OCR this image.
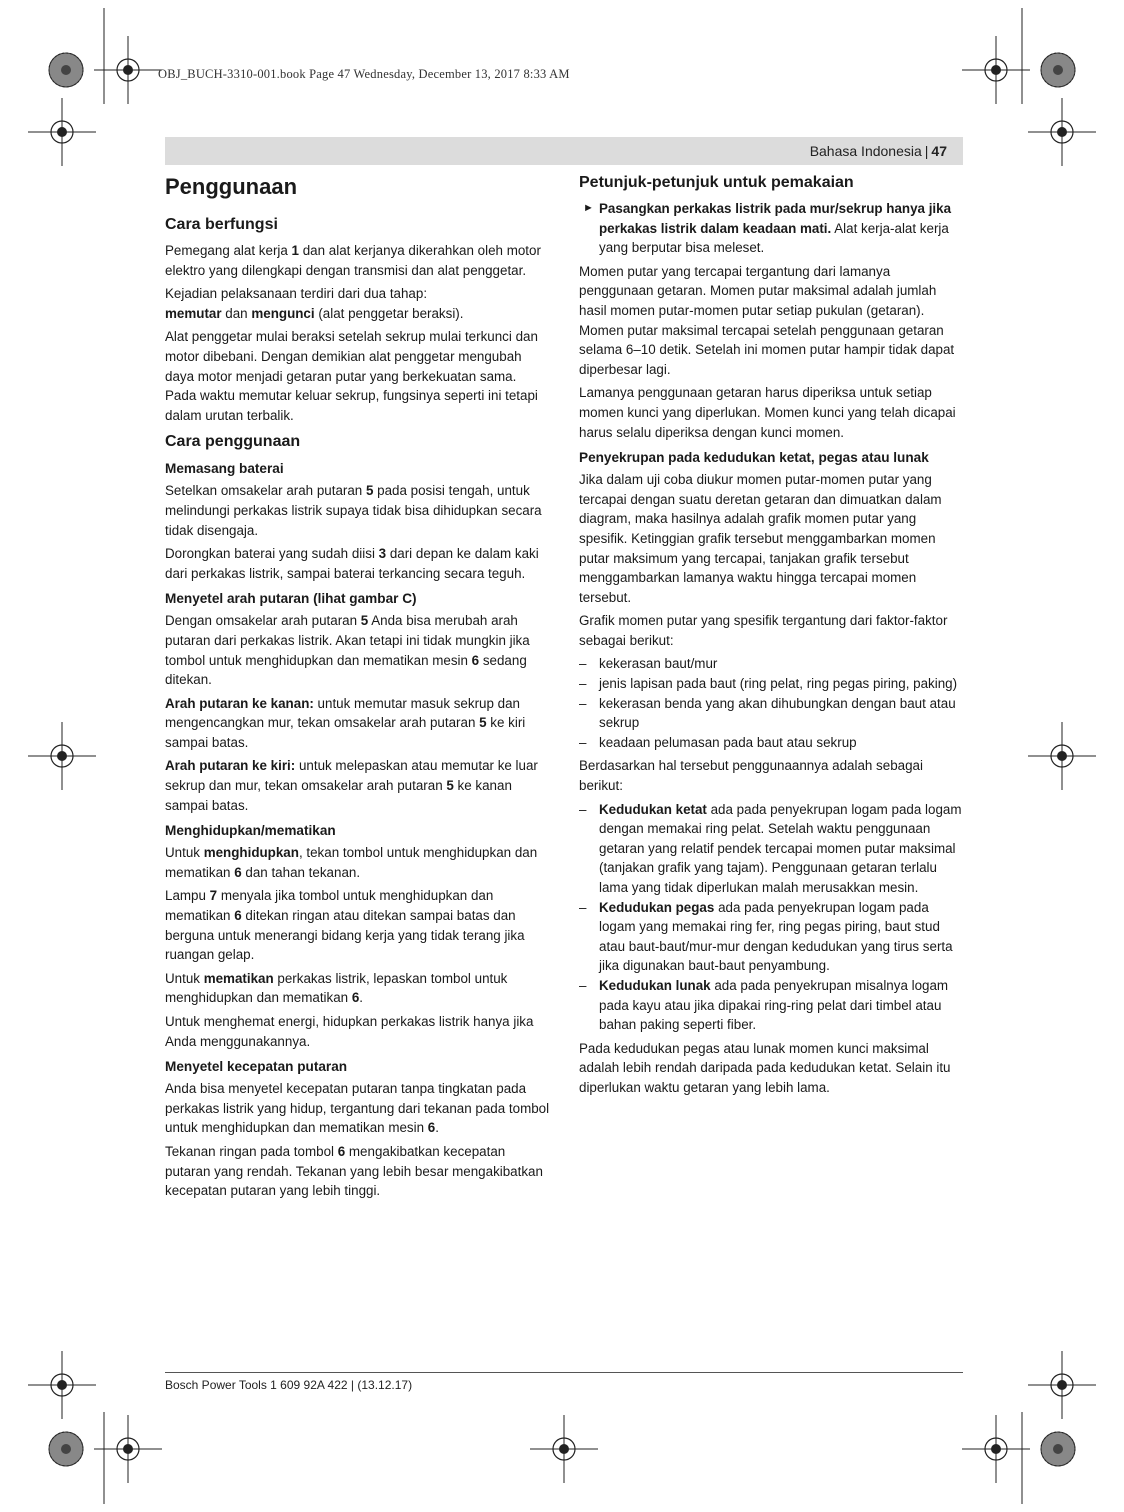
OBJ_BUCH-3310-001.book Page 47 Wednesday, December 13, 2017 8:33 AM
Bahasa Indonesia | 47
Penggunaan
Cara berfungsi

Pemegang alat kerja 1 dan alat kerjanya dikerahkan oleh motor elektro yang dilengkapi dengan transmisi dan alat penggetar.

Kejadian pelaksanaan terdiri dari dua tahap:
memutar dan mengunci (alat penggetar beraksi).

Alat penggetar mulai beraksi setelah sekrup mulai terkunci dan motor dibebani. Dengan demikian alat penggetar mengubah daya motor menjadi getaran putar yang berkekuatan sama. Pada waktu memutar keluar sekrup, fungsinya seperti ini tetapi dalam urutan terbalik.

Cara penggunaan
Memasang baterai

Setelkan omsakelar arah putaran 5 pada posisi tengah, untuk melindungi perkakas listrik supaya tidak bisa dihidupkan secara tidak disengaja.

Dorongkan baterai yang sudah diisi 3 dari depan ke dalam kaki dari perkakas listrik, sampai baterai terkancing secara teguh.

Menyetel arah putaran (lihat gambar C)

Dengan omsakelar arah putaran 5 Anda bisa merubah arah putaran dari perkakas listrik. Akan tetapi ini tidak mungkin jika tombol untuk menghidupkan dan mematikan mesin 6 sedang ditekan.

Arah putaran ke kanan: untuk memutar masuk sekrup dan mengencangkan mur, tekan omsakelar arah putaran 5 ke kiri sampai batas.

Arah putaran ke kiri: untuk melepaskan atau memutar ke luar sekrup dan mur, tekan omsakelar arah putaran 5 ke kanan sampai batas.

Menghidupkan/mematikan

Untuk menghidupkan, tekan tombol untuk menghidupkan dan mematikan 6 dan tahan tekanan.

Lampu 7 menyala jika tombol untuk menghidupkan dan mematikan 6 ditekan ringan atau ditekan sampai batas dan berguna untuk menerangi bidang kerja yang tidak terang jika ruangan gelap.

Untuk mematikan perkakas listrik, lepaskan tombol untuk menghidupkan dan mematikan 6.

Untuk menghemat energi, hidupkan perkakas listrik hanya jika Anda menggunakannya.

Menyetel kecepatan putaran

Anda bisa menyetel kecepatan putaran tanpa tingkatan pada perkakas listrik yang hidup, tergantung dari tekanan pada tombol untuk menghidupkan dan mematikan mesin 6.

Tekanan ringan pada tombol 6 mengakibatkan kecepatan putaran yang rendah. Tekanan yang lebih besar mengakibatkan kecepatan putaran yang lebih tinggi.

Petunjuk-petunjuk untuk pemakaian
► Pasangkan perkakas listrik pada mur/sekrup hanya jika perkakas listrik dalam keadaan mati. Alat kerja-alat kerja yang berputar bisa meleset.

Momen putar yang tercapai tergantung dari lamanya penggunaan getaran. Momen putar maksimal adalah jumlah hasil momen putar-momen putar setiap pukulan (getaran). Momen putar maksimal tercapai setelah penggunaan getaran selama 6–10 detik. Setelah ini momen putar hampir tidak dapat diperbesar lagi.

Lamanya penggunaan getaran harus diperiksa untuk setiap momen kunci yang diperlukan. Momen kunci yang telah dicapai harus selalu diperiksa dengan kunci momen.

Penyekrupan pada kedudukan ketat, pegas atau lunak

Jika dalam uji coba diukur momen putar-momen putar yang tercapai dengan suatu deretan getaran dan dimuatkan dalam diagram, maka hasilnya adalah grafik momen putar yang spesifik. Ketinggian grafik tersebut menggambarkan momen putar maksimum yang tercapai, tanjakan grafik tersebut menggambarkan lamanya waktu hingga tercapai momen tersebut.

Grafik momen putar yang spesifik tergantung dari faktor-faktor sebagai berikut:

– kekerasan baut/mur
– jenis lapisan pada baut (ring pelat, ring pegas piring, paking)
– kekerasan benda yang akan dihubungkan dengan baut atau sekrup
– keadaan pelumasan pada baut atau sekrup

Berdasarkan hal tersebut penggunaannya adalah sebagai berikut:

– Kedudukan ketat ada pada penyekrupan logam pada logam dengan memakai ring pelat. Setelah waktu penggunaan getaran yang relatif pendek tercapai momen putar maksimal (tanjakan grafik yang tajam). Penggunaan getaran terlalu lama yang tidak diperlukan malah merusakkan mesin.
– Kedudukan pegas ada pada penyekrupan logam pada logam yang memakai ring fer, ring pegas piring, baut stud atau baut-baut/mur-mur dengan kedudukan yang tirus serta jika digunakan baut-baut penyambung.
– Kedudukan lunak ada pada penyekrupan misalnya logam pada kayu atau jika dipakai ring-ring pelat dari timbel atau bahan paking seperti fiber.

Pada kedudukan pegas atau lunak momen kunci maksimal adalah lebih rendah daripada pada kedudukan ketat. Selain itu diperlukan waktu getaran yang lebih lama.

Bosch Power Tools 1 609 92A 422 | (13.12.17)
